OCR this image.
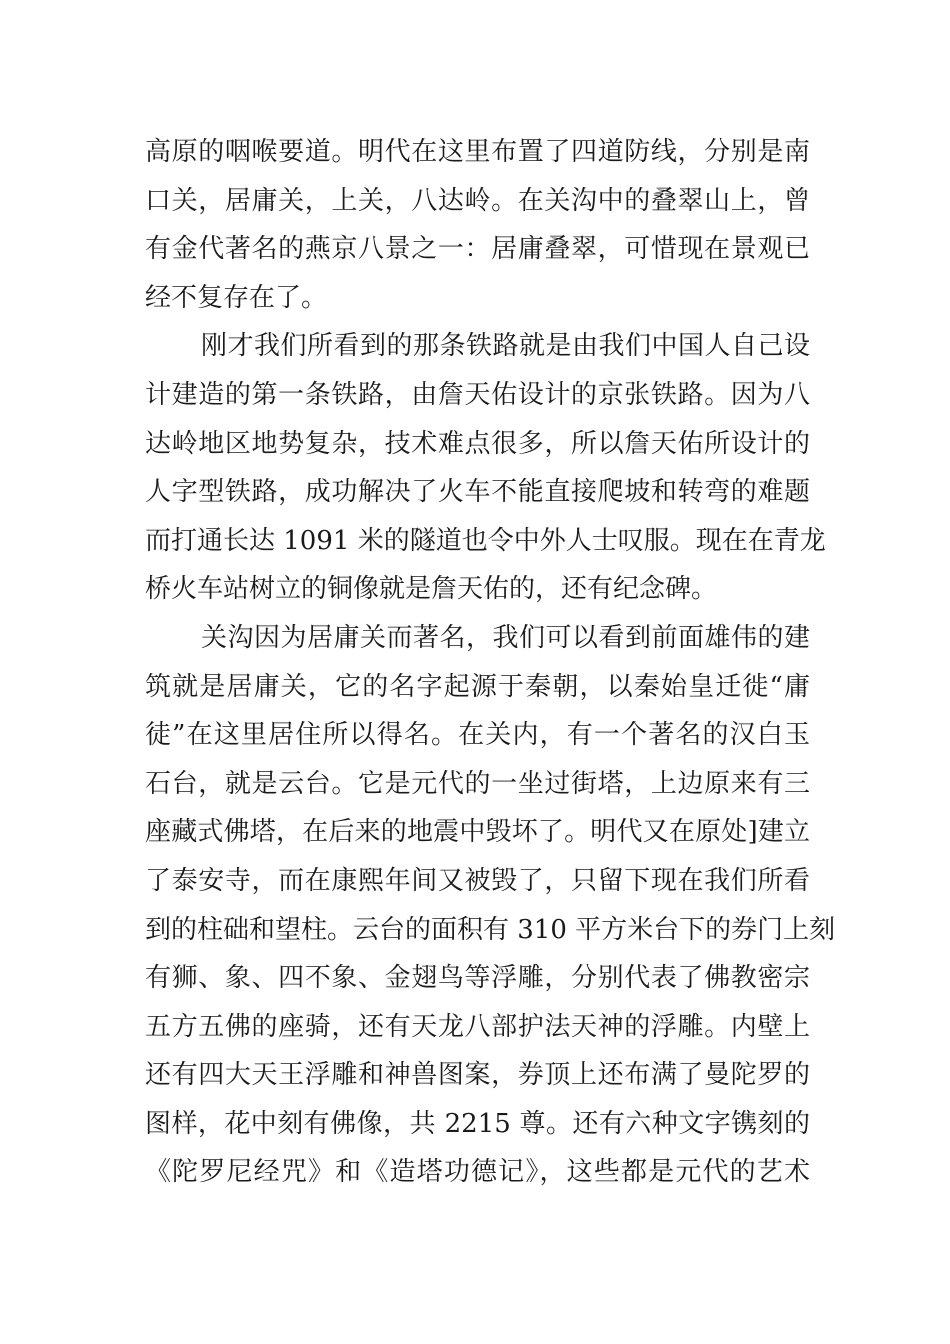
高原的咽喉要道。明代在这里布置了四道防线，分别是南
口关，居庸关，上关，八达岭。在关沟中的叠翠山上，曾
有金代著名的燕京八景之一：居庸叠翠，可惜现在景观已
经不复存在了。
刚才我们所看到的那条铁路就是由我们中国人自己设
计建造的第一条铁路，由詹天佑设计的京张铁路。因为八
达岭地区地势复杂，技术难点很多，所以詹天佑所设计的
人字型铁路，成功解决了火车不能直接爬坡和转弯的难题
而打通长达 1091 米的隧道也令中外人士叹服。现在在青龙
桥火车站树立的铜像就是詹天佑的，还有纪念碑。
关沟因为居庸关而著名，我们可以看到前面雄伟的建
筑就是居庸关，它的名字起源于秦朝，以秦始皇迁徙“庸
徒”在这里居住所以得名。在关内，有一个著名的汉白玉
石台，就是云台。它是元代的一坐过街塔，上边原来有三
座藏式佛塔，在后来的地震中毁坏了。明代又在原处]建立
了泰安寺，而在康熙年间又被毁了，只留下现在我们所看
到的柱础和望柱。云台的面积有 310 平方米台下的券门上刻
有狮、象、四不象、金翅鸟等浮雕，分别代表了佛教密宗
五方五佛的座骑，还有天龙八部护法天神的浮雕。内壁上
还有四大天王浮雕和神兽图案，券顶上还布满了曼陀罗的
图样，花中刻有佛像，共 2215 尊。还有六种文字镌刻的
《陀罗尼经咒》和《造塔功德记》，这些都是元代的艺术
